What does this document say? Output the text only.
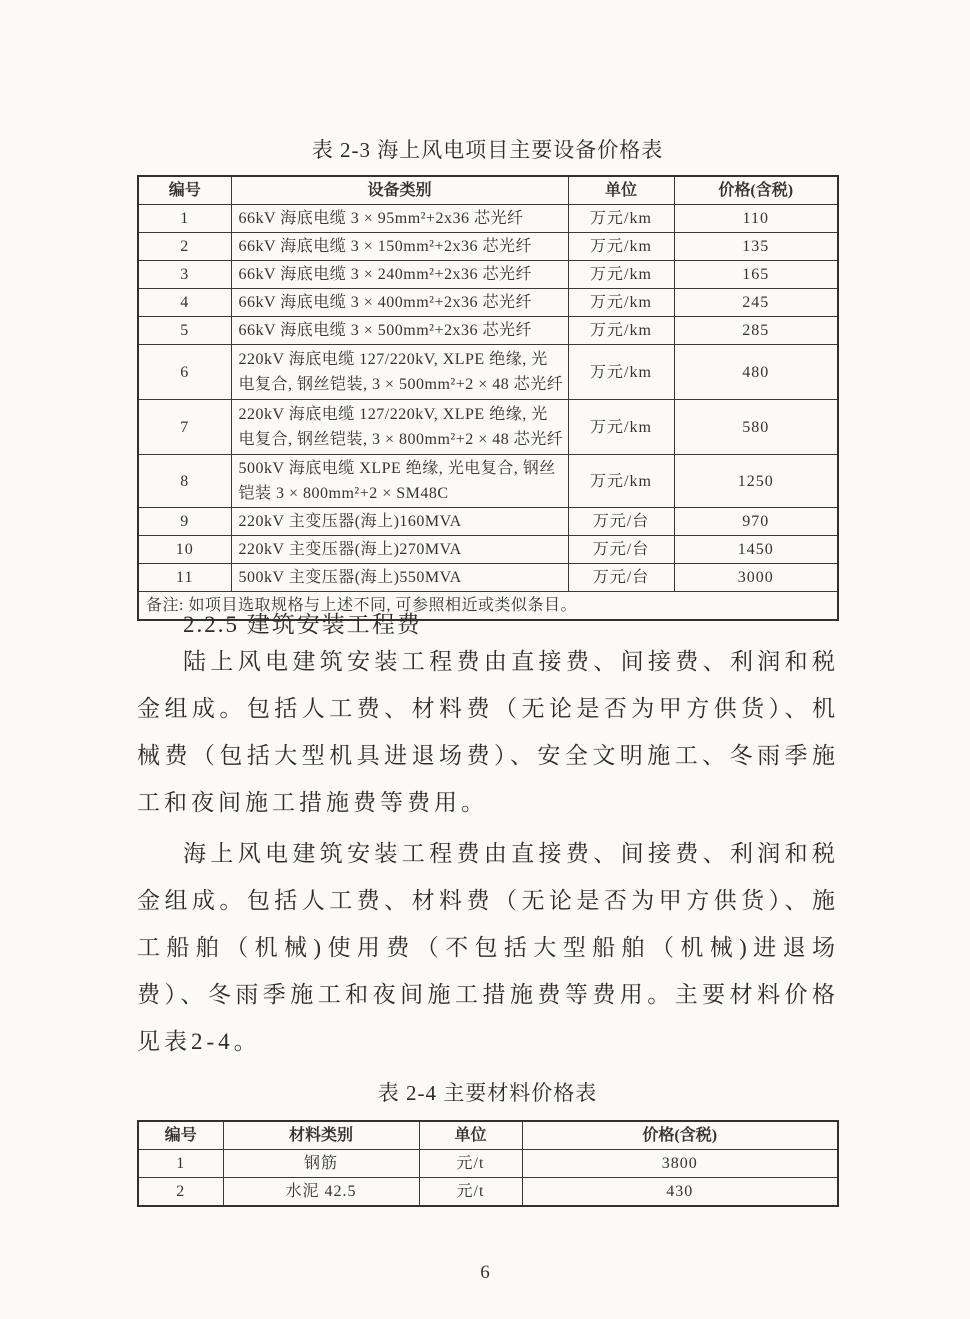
表 2-3 海上风电项目主要设备价格表
编号	设备类别	单位	价格(含税)
1	66kV 海底电缆 3 × 95mm²+2x36 芯光纤	万元/km	110
2	66kV 海底电缆 3 × 150mm²+2x36 芯光纤	万元/km	135
3	66kV 海底电缆 3 × 240mm²+2x36 芯光纤	万元/km	165
4	66kV 海底电缆 3 × 400mm²+2x36 芯光纤	万元/km	245
5	66kV 海底电缆 3 × 500mm²+2x36 芯光纤	万元/km	285
6	220kV 海底电缆 127/220kV, XLPE 绝缘, 光电复合, 钢丝铠装, 3 × 500mm²+2 × 48 芯光纤	万元/km	480
7	220kV 海底电缆 127/220kV, XLPE 绝缘, 光电复合, 钢丝铠装, 3 × 800mm²+2 × 48 芯光纤	万元/km	580
8	500kV 海底电缆 XLPE 绝缘, 光电复合, 钢丝铠装 3 × 800mm²+2 × SM48C	万元/km	1250
9	220kV 主变压器(海上)160MVA	万元/台	970
10	220kV 主变压器(海上)270MVA	万元/台	1450
11	500kV 主变压器(海上)550MVA	万元/台	3000
备注: 如项目选取规格与上述不同, 可参照相近或类似条目。			
2.2.5 建筑安装工程费

陆上风电建筑安装工程费由直接费、间接费、利润和税金组成。包括人工费、材料费（无论是否为甲方供货）、机械费（包括大型机具进退场费）、安全文明施工、冬雨季施工和夜间施工措施费等费用。

海上风电建筑安装工程费由直接费、间接费、利润和税金组成。包括人工费、材料费（无论是否为甲方供货）、施工船舶（机械)使用费（不包括大型船舶（机械)进退场费）、冬雨季施工和夜间施工措施费等费用。主要材料价格见表2-4。

表 2-4 主要材料价格表
编号	材料类别	单位	价格(含税)
1	钢筋	元/t	3800
2	水泥 42.5	元/t	430
6
